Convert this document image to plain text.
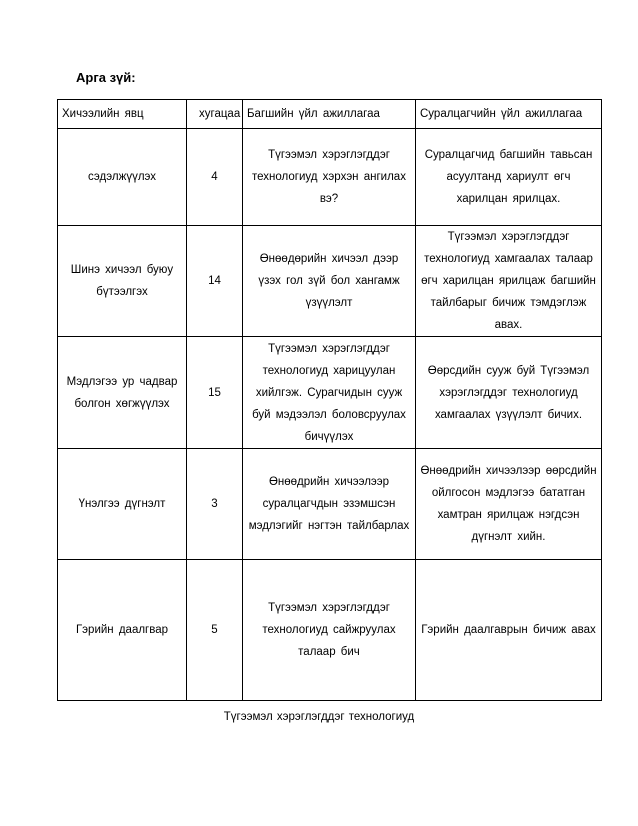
Арга зүй:
Хичээлийн явц	хугацаа	Багшийн үйл ажиллагаа	Суралцагчийн үйл ажиллагаа
сэдэлжүүлэх	4	Түгээмэл хэрэглэгддэг технологиуд хэрхэн ангилах вэ?	Суралцагчид багшийн тавьсан асуултанд хариулт өгч харилцан ярилцах.
Шинэ хичээл буюу бүтээлгэх	14	Өнөөдөрийн хичээл дээр үзэх гол зүй бол хангамж үзүүлэлт	Түгээмэл хэрэглэгддэг технологиуд хамгаалах талаар өгч харилцан ярилцаж багшийн тайлбарыг бичиж тэмдэглэж авах.
Мэдлэгээ ур чадвар болгон хөгжүүлэх	15	Түгээмэл хэрэглэгддэг технологиуд харицуулан хийлгэж. Сурагчидын сууж буй мэдээлэл боловсруулах бичүүлэх	Өөрсдийн сууж буй Түгээмэл хэрэглэгддэг технологиуд хамгаалах үзүүлэлт бичих.
Үнэлгээ дүгнэлт	3	Өнөөдрийн хичээлээр суралцагчдын эзэмшсэн мэдлэгийг нэгтэн тайлбарлах	Өнөөдрийн хичээлээр өөрсдийн ойлгосон мэдлэгээ бататган хамтран ярилцаж нэгдсэн дүгнэлт хийн.
Гэрийн даалгвар	5	Түгээмэл хэрэглэгддэг технологиуд сайжруулах талаар бич	Гэрийн даалгаврын бичиж авах
Түгээмэл хэрэглэгддэг технологиуд
